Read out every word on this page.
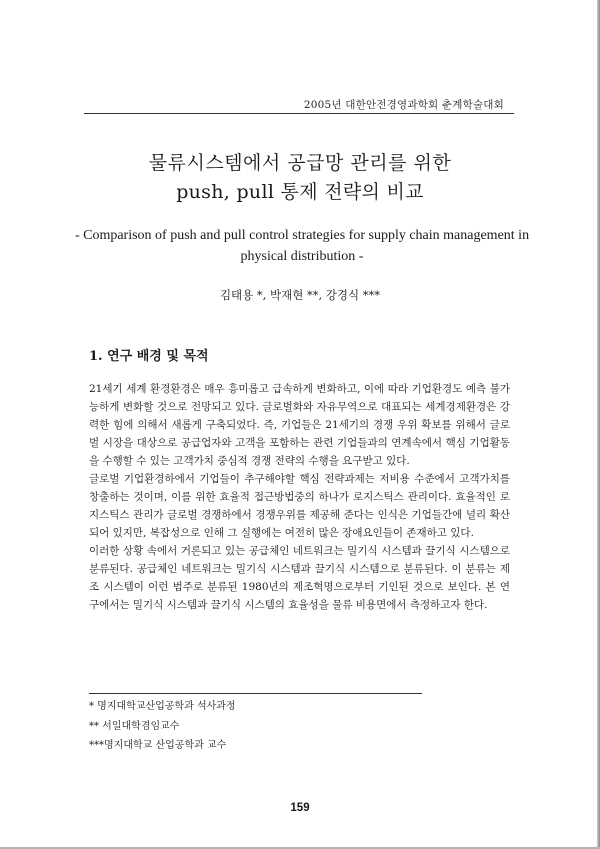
2005년 대한안전경영과학회 춘계학술대회
물류시스템에서 공급망 관리를 위한
push, pull 통제 전략의 비교
- Comparison of push and pull control strategies for supply chain management in physical distribution -
김태용 *, 박재현 **, 강경식 ***
1. 연구 배경 및 목적

21세기 세계 환경환경은 매우 흥미롭고 급속하게 변화하고, 이에 따라 기업환경도 예측 불가능하게 변화할 것으로 전망되고 있다. 글로벌화와 자유무역으로 대표되는 세계경제환경은 강력한 힘에 의해서 새롭게 구축되었다. 즉, 기업들은 21세기의 경쟁 우위 확보를 위해서 글로벌 시장을 대상으로 공급업자와 고객을 포함하는 관련 기업들과의 연계속에서 핵심 기업활동을 수행할 수 있는 고객가치 중심적 경쟁 전략의 수행을 요구받고 있다.

글로벌 기업환경하에서 기업들이 추구해야할 핵심 전략과제는 저비용 수준에서 고객가치를 창출하는 것이며, 이를 위한 효율적 접근방법중의 하나가 로지스틱스 관리이다. 효율적인 로지스틱스 관리가 글로벌 경쟁하에서 경쟁우위를 제공해 준다는 인식은 기업들간에 널리 확산되어 있지만, 복잡성으로 인해 그 실행에는 여전히 많은 장애요인들이 존재하고 있다.

이러한 상황 속에서 거론되고 있는 공급체인 네트워크는 밀기식 시스템과 끌기식 시스템으로 분류된다. 공급체인 네트워크는 밀기식 시스템과 끌기식 시스템으로 분류된다. 이 분류는 제조 시스템이 이런 범주로 분류된 1980년의 제조혁명으로부터 기인된 것으로 보인다. 본 연구에서는 밀기식 시스템과 끌기식 시스템의 효율성을 물류 비용면에서 측정하고자 한다.

* 명지대학교산업공학과 석사과정
** 서일대학겸임교수
***명지대학교 산업공학과 교수
159
